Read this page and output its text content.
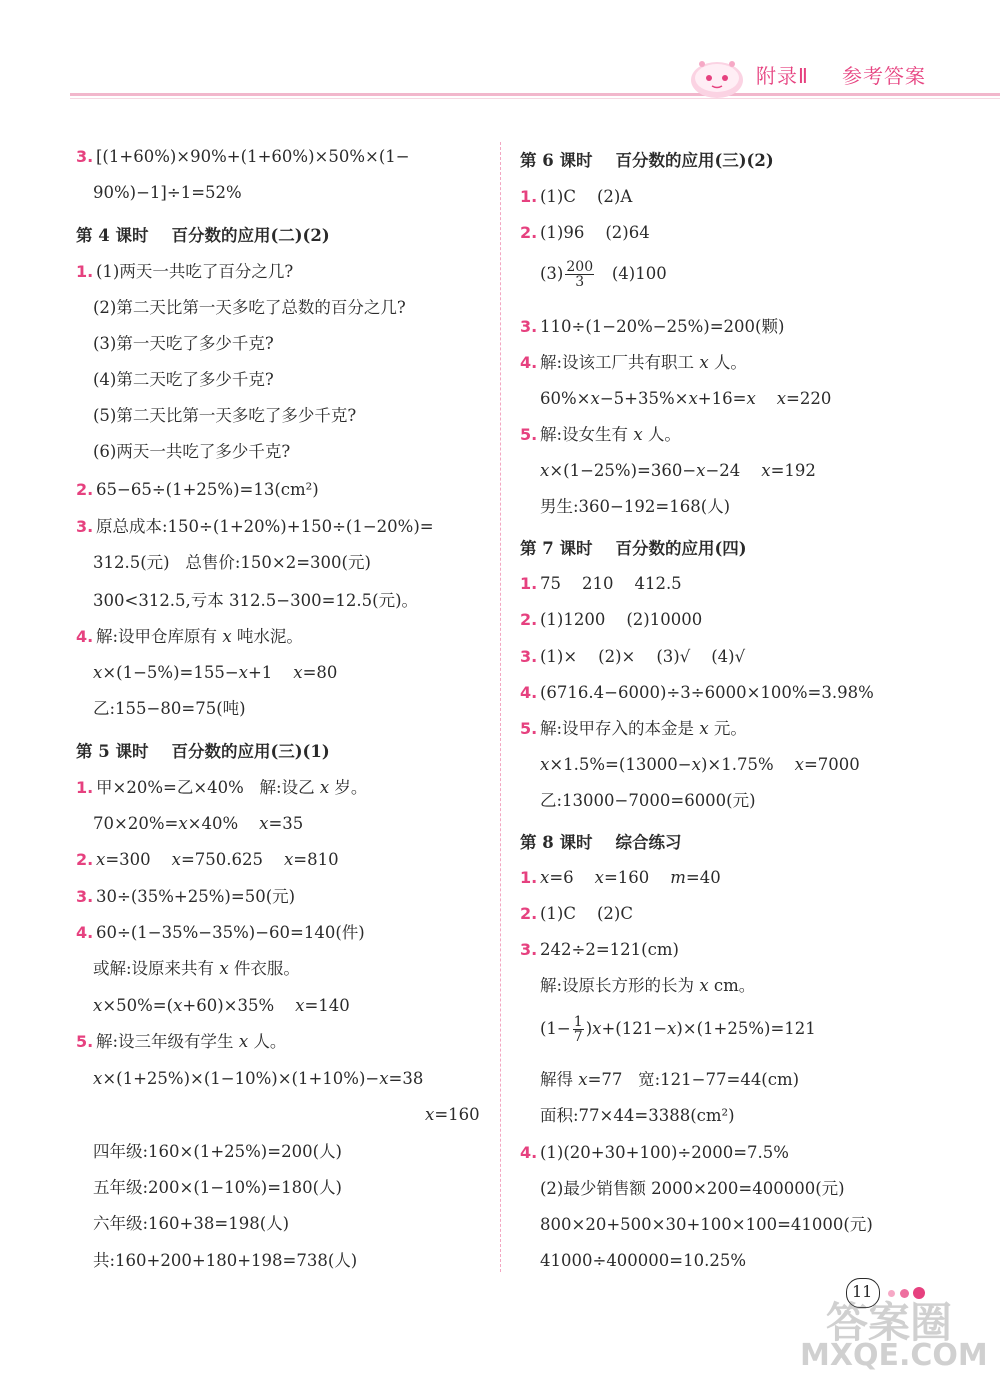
附录Ⅱ 参考答案
3. [(1+60%)×90%+(1+60%)×50%×(1−
90%)−1]÷1=52%
第 4 课时    百分数的应用(二)(2)
1. (1)两天一共吃了百分之几?
(2)第二天比第一天多吃了总数的百分之几?
(3)第一天吃了多少千克?
(4)第二天吃了多少千克?
(5)第二天比第一天多吃了多少千克?
(6)两天一共吃了多少千克?
2. 65−65÷(1+25%)=13(cm²)
3. 原总成本:150÷(1+20%)+150÷(1−20%)=
312.5(元)   总售价:150×2=300(元)
300<312.5,亏本 312.5−300=12.5(元)。
4. 解:设甲仓库原有 x 吨水泥。
x×(1−5%)=155−x+1    x=80
乙:155−80=75(吨)
第 5 课时    百分数的应用(三)(1)
1. 甲×20%=乙×40%   解:设乙 x 岁。
70×20%=x×40%    x=35
2. x=300    x=750.625    x=810
3. 30÷(35%+25%)=50(元)
4. 60÷(1−35%−35%)−60=140(件)
或解:设原来共有 x 件衣服。
x×50%=(x+60)×35%    x=140
5. 解:设三年级有学生 x 人。
x×(1+25%)×(1−10%)×(1+10%)−x=38
x=160
四年级:160×(1+25%)=200(人)
五年级:200×(1−10%)=180(人)
六年级:160+38=198(人)
共:160+200+180+198=738(人)
第 6 课时    百分数的应用(三)(2)
1. (1)C    (2)A
2. (1)96    (2)64
3. 110÷(1−20%−25%)=200(颗)
4. 解:设该工厂共有职工 x 人。
60%×x−5+35%×x+16=x x=220
5. 解:设女生有 x 人。
x×(1−25%)=360−x−24    x=192
男生:360−192=168(人)
第 7 课时    百分数的应用(四)
1. 75    210    412.5
2. (1)1200    (2)10000
3. (1)×    (2)×    (3)√    (4)√
4. (6716.4−6000)÷3÷6000×100%=3.98%
5. 解:设甲存入的本金是 x 元。
x×1.5%=(13000−x)×1.75%    x=7000
乙:13000−7000=6000(元)
第 8 课时    综合练习
1. x=6    x=160    m=40
2. (1)C    (2)C
3. 242÷2=121(cm)
解:设原长方形的长为 x cm。
解得 x=77   宽:121−77=44(cm)
面积:77×44=3388(cm²)
4. (1)(20+30+100)÷2000=7.5%
(2)最少销售额 2000×200=400000(元)
800×20+500×30+100×100=41000(元)
41000÷400000=10.25%
$(3) \frac{200}{3} (4)100$
$(1- \frac{1}{7} )x+(121-x)\times(1+25\%)=121$
11
答案圈
MXQE.COM
